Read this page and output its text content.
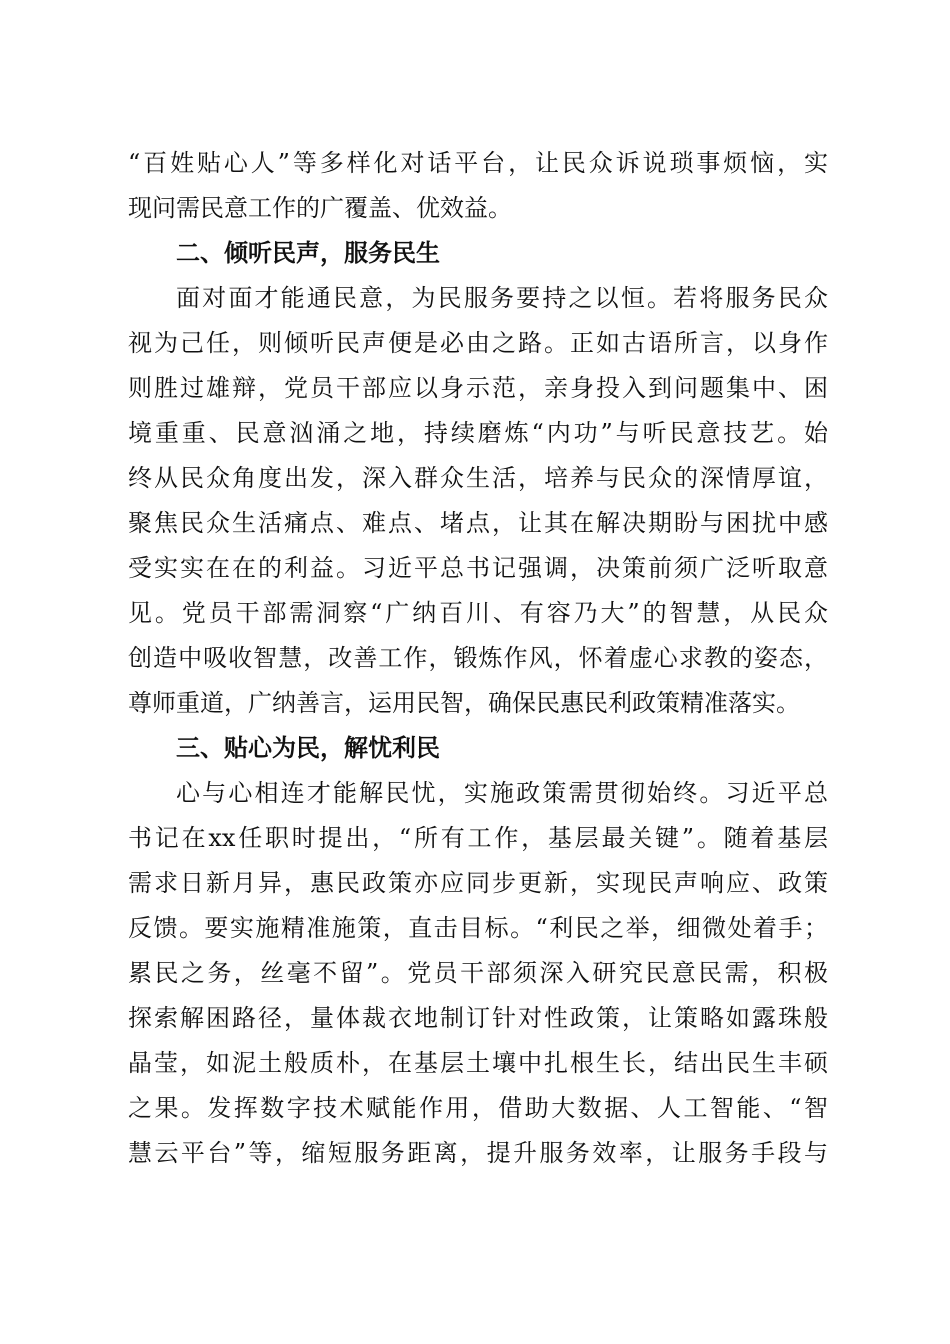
“百姓贴心人”等多样化对话平台，让民众诉说琐事烦恼，实
现问需民意工作的广覆盖、优效益。
二、倾听民声，服务民生
面对面才能通民意，为民服务要持之以恒。若将服务民众
视为己任，则倾听民声便是必由之路。正如古语所言，以身作
则胜过雄辩，党员干部应以身示范，亲身投入到问题集中、困
境重重、民意汹涌之地，持续磨炼“内功”与听民意技艺。始
终从民众角度出发，深入群众生活，培养与民众的深情厚谊，
聚焦民众生活痛点、难点、堵点，让其在解决期盼与困扰中感
受实实在在的利益。习近平总书记强调，决策前须广泛听取意
见。党员干部需洞察“广纳百川、有容乃大”的智慧，从民众
创造中吸收智慧，改善工作，锻炼作风，怀着虚心求教的姿态，
尊师重道，广纳善言，运用民智，确保民惠民利政策精准落实。
三、贴心为民，解忧利民
心与心相连才能解民忧，实施政策需贯彻始终。习近平总
书记在xx任职时提出，“所有工作，基层最关键”。随着基层
需求日新月异，惠民政策亦应同步更新，实现民声响应、政策
反馈。要实施精准施策，直击目标。“利民之举，细微处着手；
累民之务，丝毫不留”。党员干部须深入研究民意民需，积极
探索解困路径，量体裁衣地制订针对性政策，让策略如露珠般
晶莹，如泥土般质朴，在基层土壤中扎根生长，结出民生丰硕
之果。发挥数字技术赋能作用，借助大数据、人工智能、“智
慧云平台”等，缩短服务距离，提升服务效率，让服务手段与
